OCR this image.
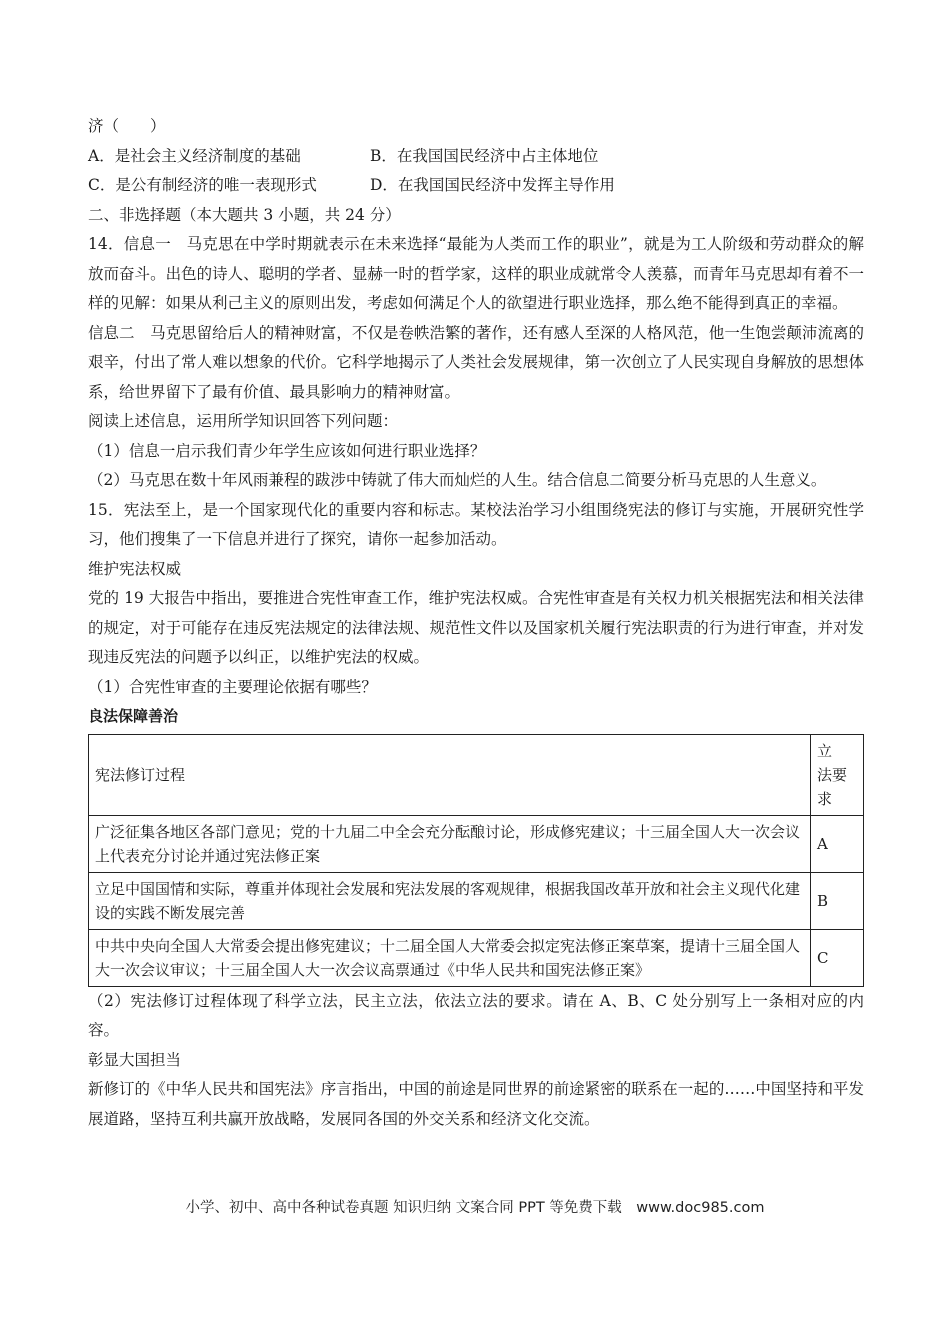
济（　　）

A．是社会主义经济制度的基础	B．在我国国民经济中占主体地位
C．是公有制经济的唯一表现形式	D．在我国国民经济中发挥主导作用

二、非选择题（本大题共 3 小题，共 24 分）

14．信息一　马克思在中学时期就表示在未来选择“最能为人类而工作的职业”，就是为工人阶级和劳动群众的解放而奋斗。出色的诗人、聪明的学者、显赫一时的哲学家，这样的职业成就常令人羡慕，而青年马克思却有着不一样的见解：如果从利己主义的原则出发，考虑如何满足个人的欲望进行职业选择，那么绝不能得到真正的幸福。

信息二　马克思留给后人的精神财富，不仅是卷帙浩繁的著作，还有感人至深的人格风范，他一生饱尝颠沛流离的艰辛，付出了常人难以想象的代价。它科学地揭示了人类社会发展规律，第一次创立了人民实现自身解放的思想体系，给世界留下了最有价值、最具影响力的精神财富。

阅读上述信息，运用所学知识回答下列问题：

（1）信息一启示我们青少年学生应该如何进行职业选择？

（2）马克思在数十年风雨兼程的跋涉中铸就了伟大而灿烂的人生。结合信息二简要分析马克思的人生意义。

15．宪法至上，是一个国家现代化的重要内容和标志。某校法治学习小组围绕宪法的修订与实施，开展研究性学习，他们搜集了一下信息并进行了探究，请你一起参加活动。

维护宪法权威

党的 19 大报告中指出，要推进合宪性审查工作，维护宪法权威。合宪性审查是有关权力机关根据宪法和相关法律的规定，对于可能存在违反宪法规定的法律法规、规范性文件以及国家机关履行宪法职责的行为进行审查，并对发现违反宪法的问题予以纠正，以维护宪法的权威。

（1）合宪性审查的主要理论依据有哪些？

良法保障善治

宪法修订过程	立　法要求
广泛征集各地区各部门意见；党的十九届二中全会充分酝酿讨论，形成修宪建议；十三届全国人大一次会议上代表充分讨论并通过宪法修正案	A
立足中国国情和实际，尊重并体现社会发展和宪法发展的客观规律，根据我国改革开放和社会主义现代化建设的实践不断发展完善	B
中共中央向全国人大常委会提出修宪建议；十二届全国人大常委会拟定宪法修正案草案，提请十三届全国人大一次会议审议；十三届全国人大一次会议高票通过《中华人民共和国宪法修正案》	C

（2）宪法修订过程体现了科学立法，民主立法，依法立法的要求。请在 A、B、C 处分别写上一条相对应的内容。

彰显大国担当

新修订的《中华人民共和国宪法》序言指出，中国的前途是同世界的前途紧密的联系在一起的……中国坚持和平发展道路，坚持互利共赢开放战略，发展同各国的外交关系和经济文化交流。

小学、初中、高中各种试卷真题 知识归纳 文案合同 PPT 等免费下载　www.doc985.com
